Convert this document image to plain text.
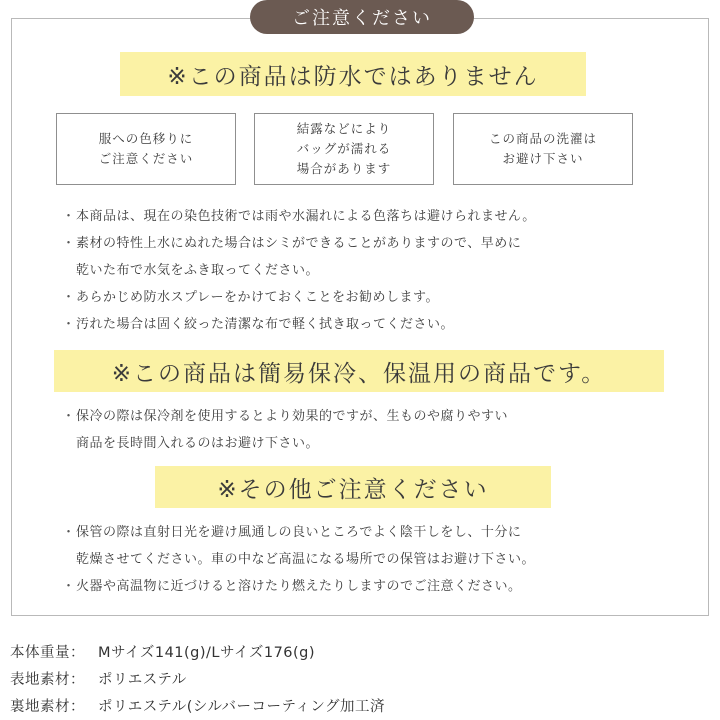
ご注意ください
※この商品は防水ではありません
服への色移りに
ご注意ください
結露などにより
バッグが濡れる
場合があります
この商品の洗濯は
お避け下さい
・本商品は、現在の染色技術では雨や水漏れによる色落ちは避けられません。
・素材の特性上水にぬれた場合はシミができることがありますので、早めに
乾いた布で水気をふき取ってください。
・あらかじめ防水スプレーをかけておくことをお勧めします。
・汚れた場合は固く絞った清潔な布で軽く拭き取ってください。
※この商品は簡易保冷、保温用の商品です。
・保冷の際は保冷剤を使用するとより効果的ですが、生ものや腐りやすい
商品を長時間入れるのはお避け下さい。
※その他ご注意ください
・保管の際は直射日光を避け風通しの良いところでよく陰干しをし、十分に
乾燥させてください。車の中など高温になる場所での保管はお避け下さい。
・火器や高温物に近づけると溶けたり燃えたりしますのでご注意ください。
本体重量： Mサイズ141(g)/Lサイズ176(g)
表地素材： ポリエステル
裏地素材： ポリエステル(シルバーコーティング加工済
